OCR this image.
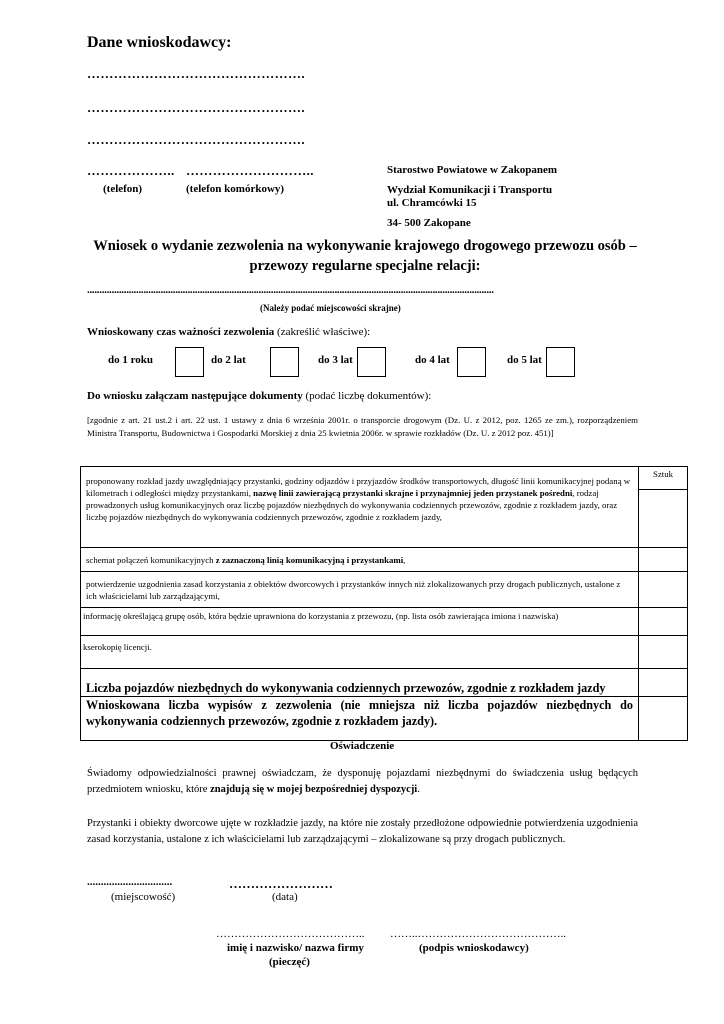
Dane wnioskodawcy:
………………………………………….
………………………………………….
………………………………………….
……………….. ………………………..
(telefon)	(telefon komórkowy)
Starostwo Powiatowe w Zakopanem
Wydział Komunikacji i Transportu
ul. Chramcówki 15
34- 500 Zakopane
Wniosek o wydanie zezwolenia na wykonywanie krajowego drogowego przewozu osób – przewozy regularne specjalne relacji:
......................................................................................................................................................................
(Należy podać miejscowości skrajne)
Wnioskowany czas ważności zezwolenia (zakreślić właściwe):
do 1 roku	do 2 lat	do 3 lat	do 4 lat	do 5 lat
Do wniosku załączam następujące dokumenty (podać liczbę dokumentów):
[zgodnie z art. 21 ust.2 i art. 22 ust. 1 ustawy z dnia 6 września 2001r. o transporcie drogowym (Dz. U. z 2012, poz. 1265 ze zm.), rozporządzeniem Ministra Transportu, Budownictwa i Gospodarki Morskiej z dnia 25 kwietnia 2006r. w sprawie rozkładów (Dz. U. z 2012 poz. 451)]
proponowany rozkład jazdy uwzględniający przystanki, godziny odjazdów i przyjazdów środków transportowych, długość linii komunikacyjnej podaną w kilometrach i odległości między przystankami, nazwę linii zawierającą przystanki skrajne i przynajmniej jeden przystanek pośredni, rodzaj prowadzonych usług komunikacyjnych oraz liczbę pojazdów niezbędnych do wykonywania codziennych przewozów, zgodnie z rozkładem jazdy, oraz liczbę pojazdów niezbędnych do wykonywania codziennych przewozów, zgodnie z rozkładem jazdy,	Sztuk

schemat połączeń komunikacyjnych z zaznaczoną linią komunikacyjną i przystankami,	
potwierdzenie uzgodnienia zasad korzystania z obiektów dworcowych i przystanków innych niż zlokalizowanych przy drogach publicznych, ustalone z ich właścicielami lub zarządzającymi,	
informację określającą grupę osób, która będzie uprawniona do korzystania z przewozu, (np. lista osób zawierająca imiona i nazwiska)	
kserokopię licencji.	
Liczba pojazdów niezbędnych do wykonywania codziennych przewozów, zgodnie z rozkładem jazdy	
Wnioskowana liczba wypisów z zezwolenia (nie mniejsza niż liczba pojazdów niezbędnych do wykonywania codziennych przewozów, zgodnie z rozkładem jazdy).	
Oświadczenie
Świadomy odpowiedzialności prawnej oświadczam, że dysponuję pojazdami niezbędnymi do świadczenia usług będących przedmiotem wniosku, które znajdują się w mojej bezpośredniej dyspozycji.
Przystanki i obiekty dworcowe ujęte w rozkładzie jazdy, na które nie zostały przedłożone odpowiednie potwierdzenia uzgodnienia zasad korzystania, ustalone z ich właścicielami lub zarządzającymi – zlokalizowane są przy drogach publicznych.
...............................
(miejscowość)
……………………
(data)
…………………………………..
imię i nazwisko/ nazwa firmy
(pieczęć)
……..…………………………………..
(podpis wnioskodawcy)
